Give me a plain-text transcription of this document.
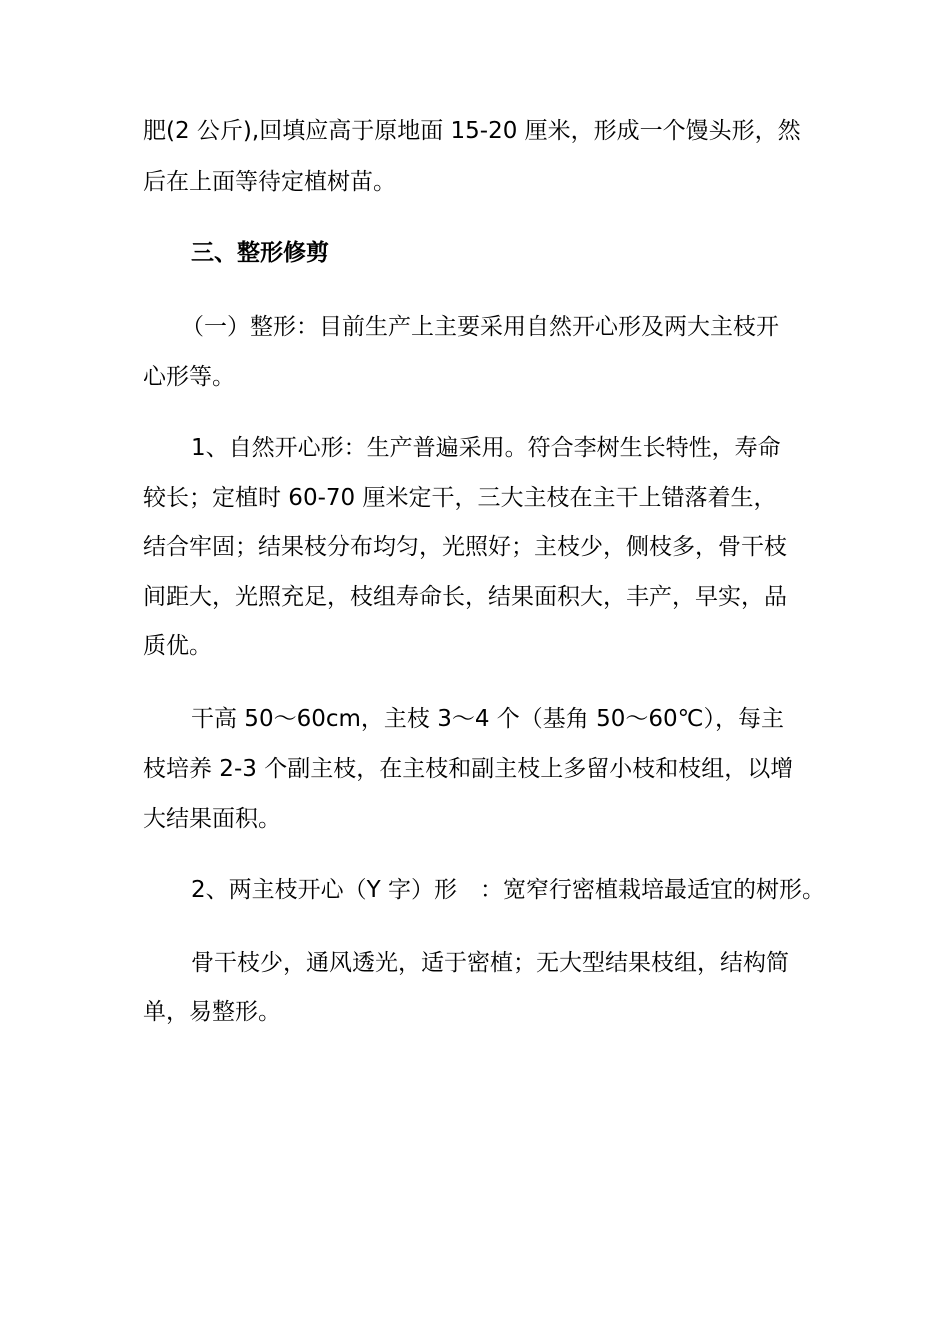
肥(2 公斤),回填应高于原地面 15-20 厘米，形成一个馒头形，然
后在上面等待定植树苗。
三、整形修剪
（一）整形：目前生产上主要采用自然开心形及两大主枝开
心形等。
1、自然开心形：生产普遍采用。符合李树生长特性，寿命
较长；定植时 60-70 厘米定干，三大主枝在主干上错落着生，
结合牢固；结果枝分布均匀，光照好；主枝少，侧枝多，骨干枝
间距大，光照充足，枝组寿命长，结果面积大，丰产，早实，品
质优。
干高 50～60cm，主枝 3～4 个（基角 50～60℃），每主
枝培养 2-3 个副主枝，在主枝和副主枝上多留小枝和枝组，以增
大结果面积。
2、两主枝开心（Y 字）形　：宽窄行密植栽培最适宜的树形。
骨干枝少，通风透光，适于密植；无大型结果枝组，结构简
单，易整形。
